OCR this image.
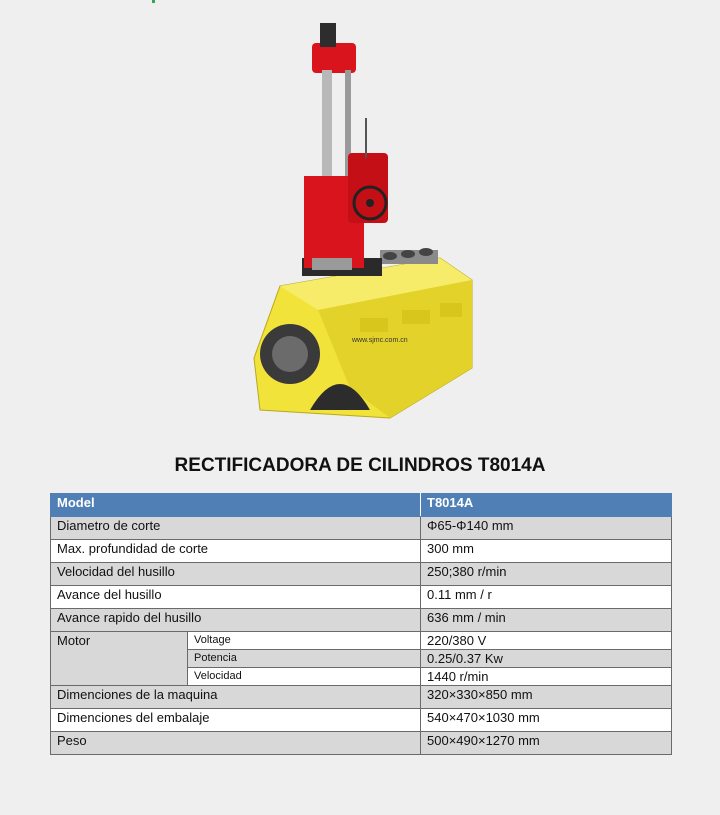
www.sjmc.com.cn
RECTIFICADORA DE CILINDROS T8014A
Model		T8014A
Diametro de corte		Φ65-Φ140 mm
Max. profundidad de corte		300 mm
Velocidad del husillo		250;380 r/min
Avance del husillo		0.11 mm / r
Avance rapido del husillo		636 mm / min
Motor	Voltage	220/380 V
	Potencia	0.25/0.37 Kw
	Velocidad	1440 r/min
Dimenciones de la maquina		320×330×850 mm
Dimenciones del embalaje		540×470×1030 mm
Peso		500×490×1270 mm
